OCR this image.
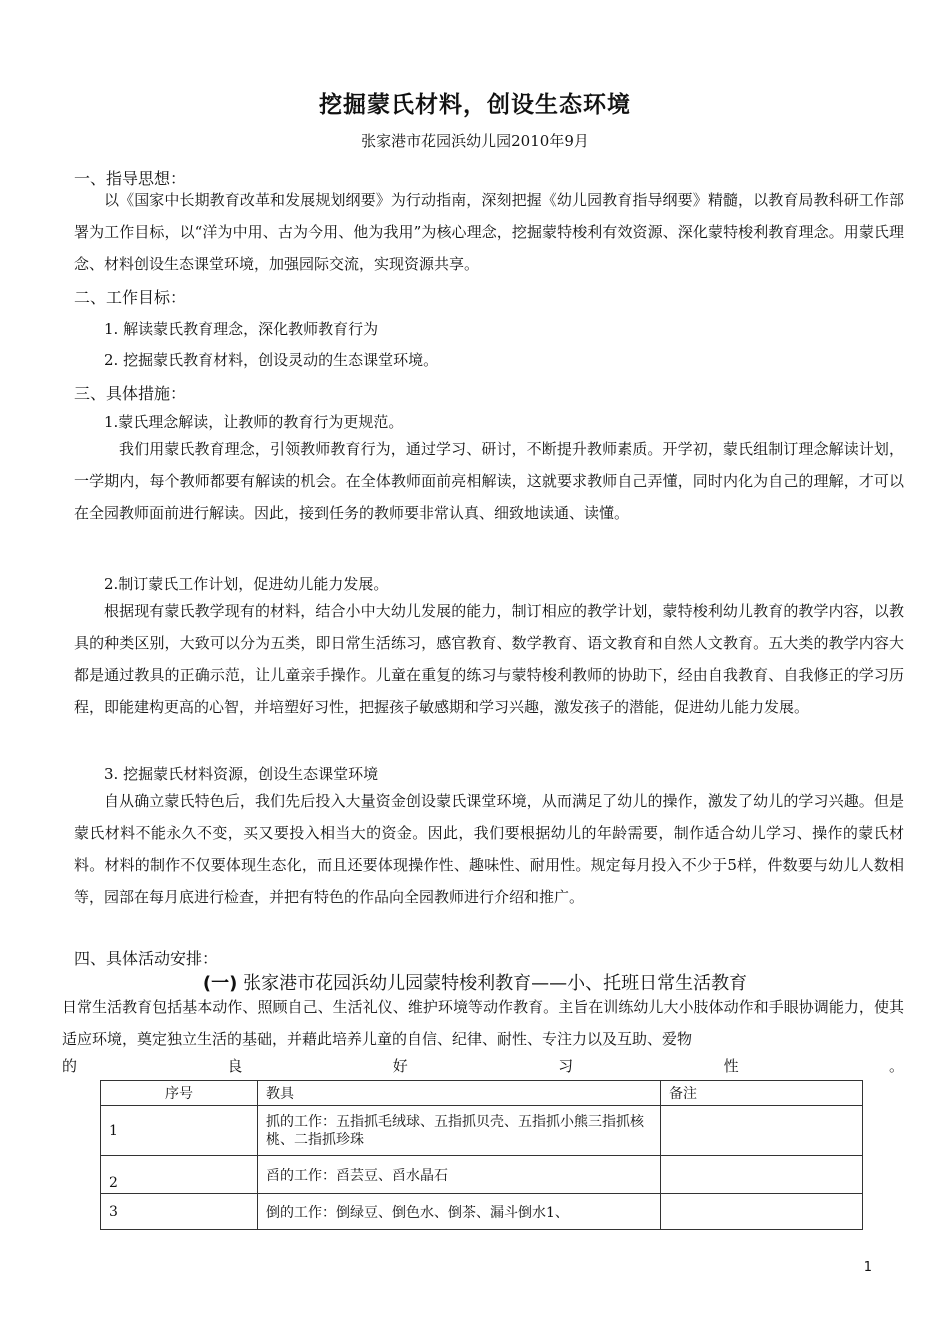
挖掘蒙氏材料，创设生态环境
张家港市花园浜幼儿园2010年9月
一、指导思想：
以《国家中长期教育改革和发展规划纲要》为行动指南，深刻把握《幼儿园教育指导纲要》精髓，以教育局教科研工作部署为工作目标，以“洋为中用、古为今用、他为我用”为核心理念，挖掘蒙特梭利有效资源、深化蒙特梭利教育理念。用蒙氏理念、材料创设生态课堂环境，加强园际交流，实现资源共享。
二、工作目标：
1. 解读蒙氏教育理念，深化教师教育行为
2. 挖掘蒙氏教育材料，创设灵动的生态课堂环境。
三、具体措施：
1.蒙氏理念解读，让教师的教育行为更规范。
我们用蒙氏教育理念，引领教师教育行为，通过学习、研讨，不断提升教师素质。开学初，蒙氏组制订理念解读计划，一学期内，每个教师都要有解读的机会。在全体教师面前亮相解读，这就要求教师自己弄懂，同时内化为自己的理解，才可以在全园教师面前进行解读。因此，接到任务的教师要非常认真、细致地读通、读懂。
2.制订蒙氏工作计划，促进幼儿能力发展。
根据现有蒙氏教学现有的材料，结合小中大幼儿发展的能力，制订相应的教学计划，蒙特梭利幼儿教育的教学内容，以教具的种类区别，大致可以分为五类，即日常生活练习，感官教育、数学教育、语文教育和自然人文教育。五大类的教学内容大都是通过教具的正确示范，让儿童亲手操作。儿童在重复的练习与蒙特梭利教师的协助下，经由自我教育、自我修正的学习历程，即能建构更高的心智，并培塑好习性，把握孩子敏感期和学习兴趣，激发孩子的潜能，促进幼儿能力发展。
3. 挖掘蒙氏材料资源，创设生态课堂环境
自从确立蒙氏特色后，我们先后投入大量资金创设蒙氏课堂环境，从而满足了幼儿的操作，激发了幼儿的学习兴趣。但是蒙氏材料不能永久不变，买又要投入相当大的资金。因此，我们要根据幼儿的年龄需要，制作适合幼儿学习、操作的蒙氏材料。材料的制作不仅要体现生态化，而且还要体现操作性、趣味性、耐用性。规定每月投入不少于5样，件数要与幼儿人数相等，园部在每月底进行检查，并把有特色的作品向全园教师进行介绍和推广。
四、具体活动安排：
(一) 张家港市花园浜幼儿园蒙特梭利教育——小、托班日常生活教育
日常生活教育包括基本动作、照顾自己、生活礼仪、维护环境等动作教育。主旨在训练幼儿大小肢体动作和手眼协调能力，使其适应环境，奠定独立生活的基础，并藉此培养儿童的自信、纪律、耐性、专注力以及互助、爱物
的	良	好	习	性	。
序号	教具	备注
1	抓的工作：五指抓毛绒球、五指抓贝壳、五指抓小熊三指抓核桃、二指抓珍珠	
2	舀的工作：舀芸豆、舀水晶石	
3	倒的工作：倒绿豆、倒色水、倒茶、漏斗倒水1、	
1
